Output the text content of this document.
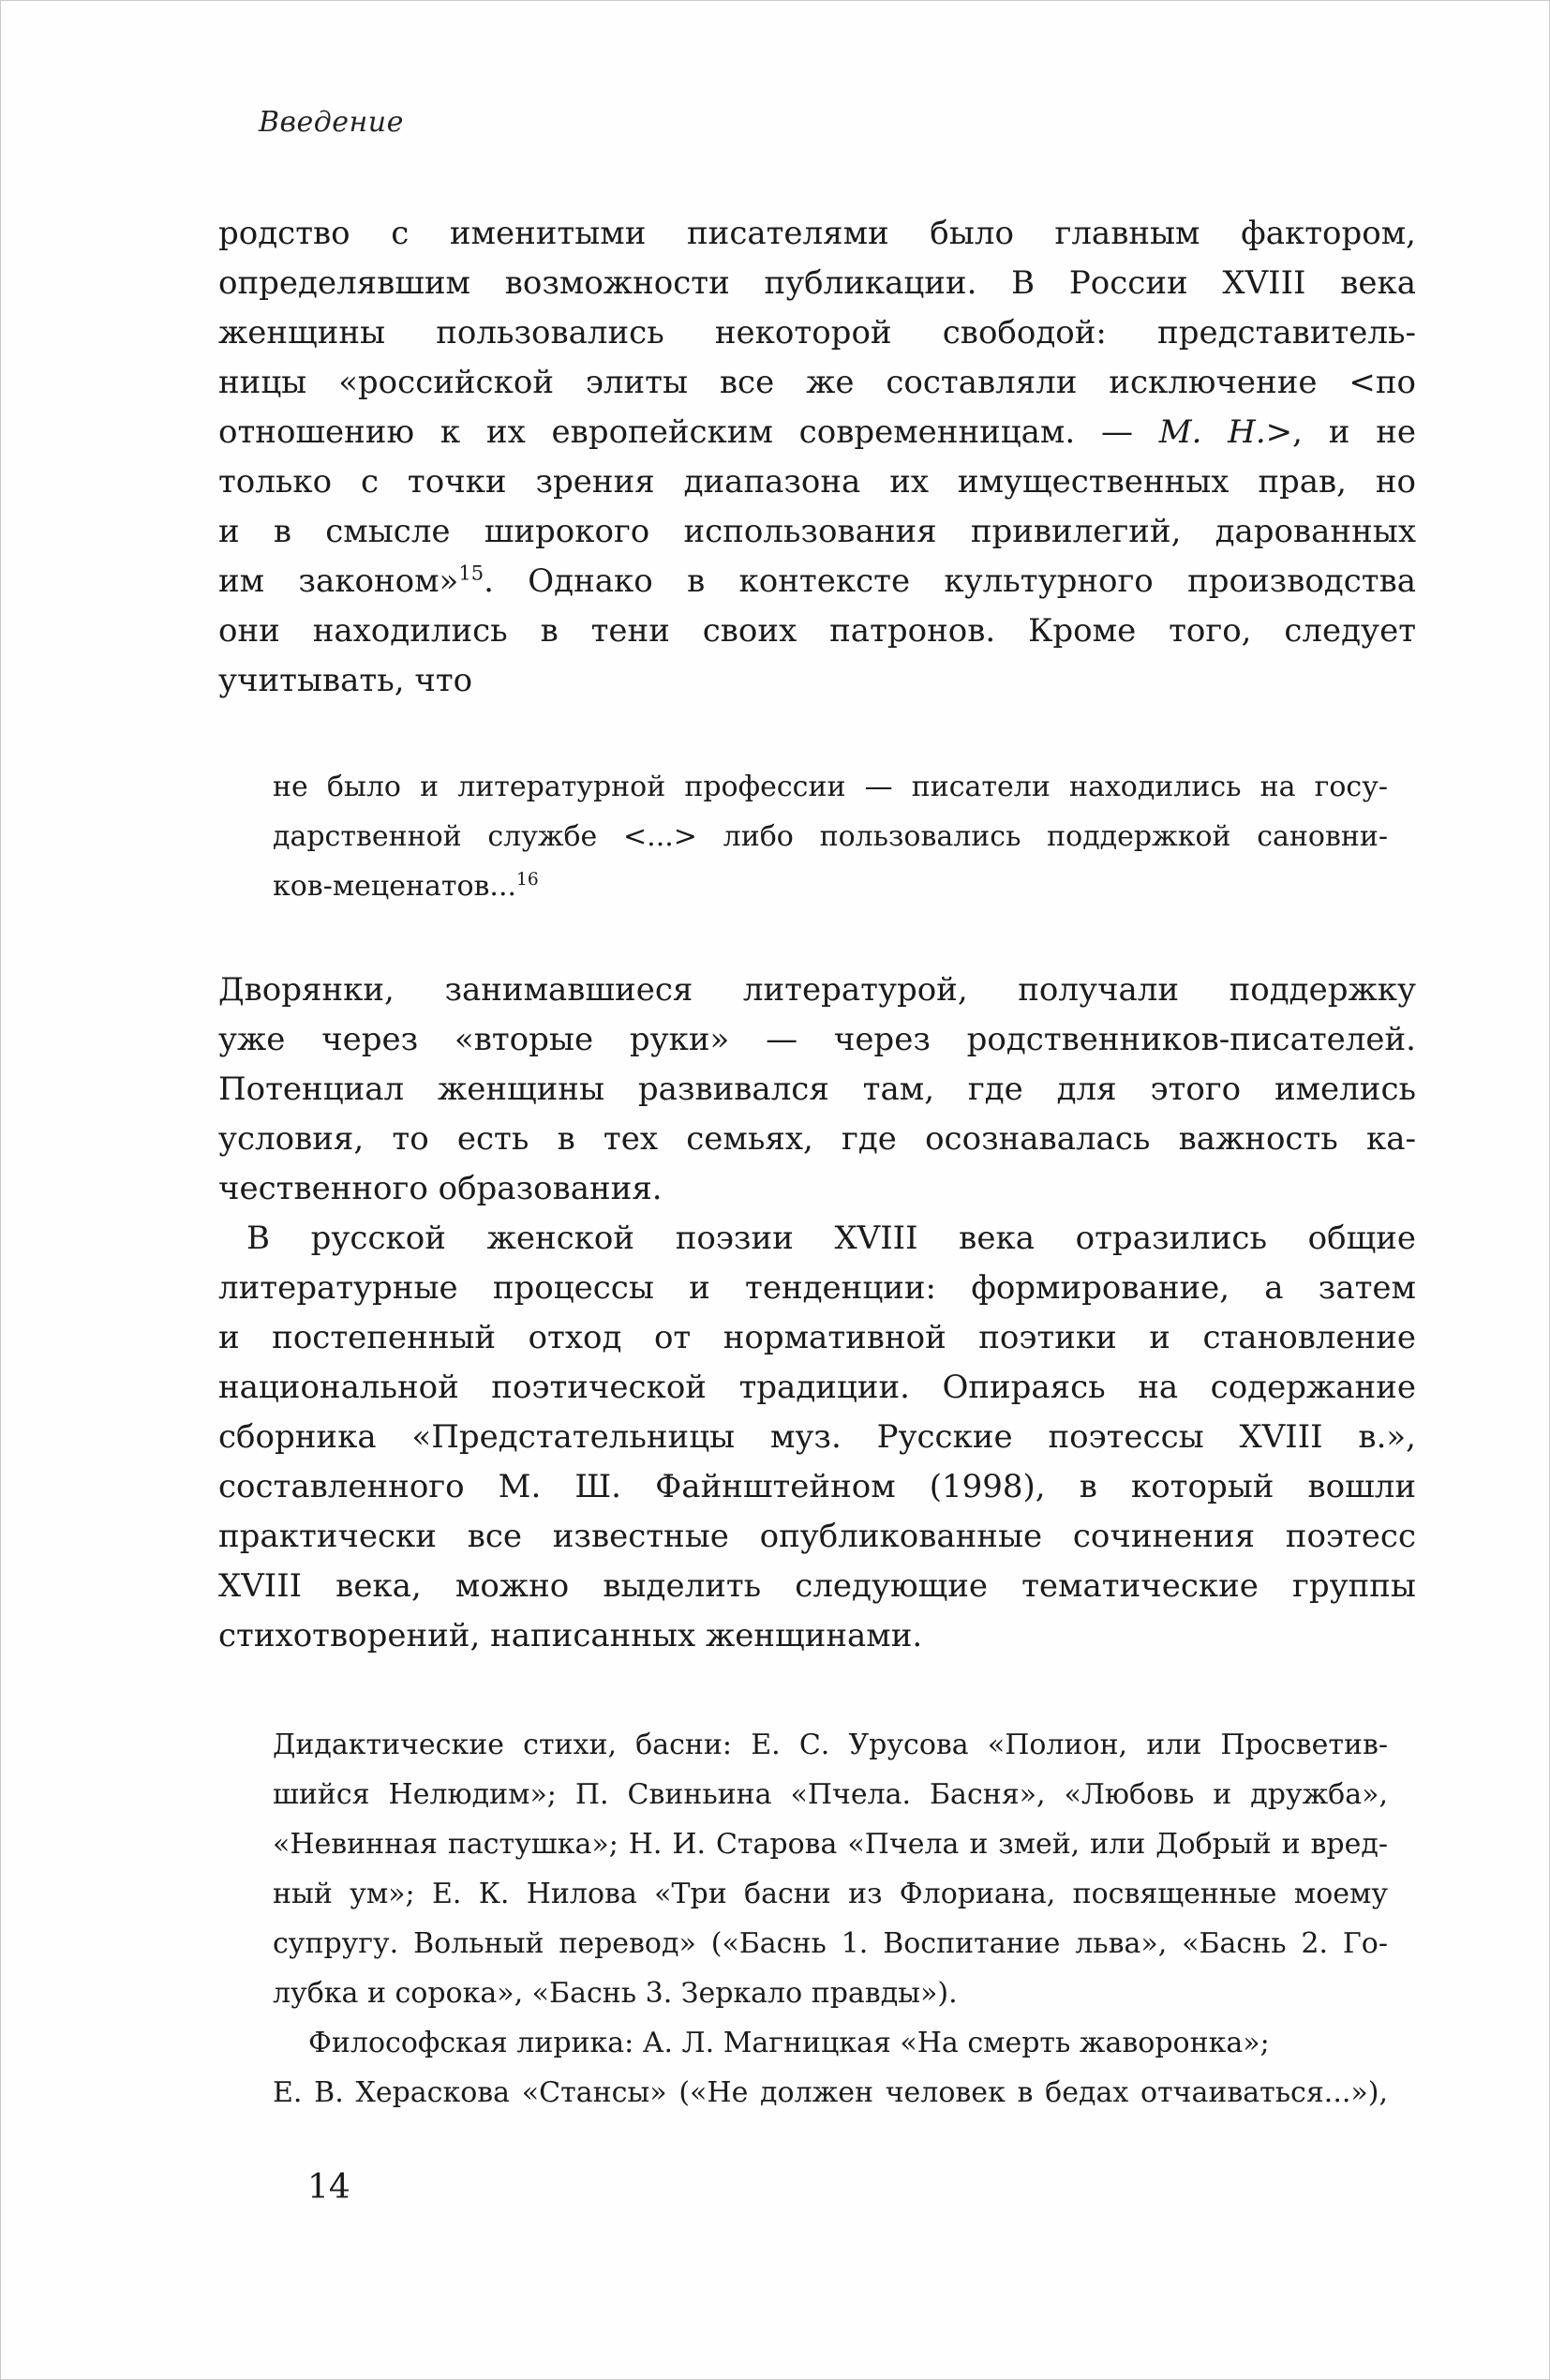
Введение
родство с именитыми писателями было главным фактором,
определявшим возможности публикации. В России XVIII века
женщины пользовались некоторой свободой: представитель-
ницы «российской элиты все же составляли исключение <по
отношению к их европейским современницам. — М. Н.>, и не
только с точки зрения диапазона их имущественных прав, но
и в смысле широкого использования привилегий, дарованных
им законом»$^{15}$. Однако в контексте культурного производства
они находились в тени своих патронов. Кроме того, следует
учитывать, что
не было и литературной профессии — писатели находились на госу-
дарственной службе <...> либо пользовались поддержкой сановни-
ков-меценатов...$^{16}$
Дворянки, занимавшиеся литературой, получали поддержку
уже через «вторые руки» — через родственников-писателей.
Потенциал женщины развивался там, где для этого имелись
условия, то есть в тех семьях, где осознавалась важность ка-
чественного образования.
В русской женской поэзии XVIII века отразились общие
литературные процессы и тенденции: формирование, а затем
и постепенный отход от нормативной поэтики и становление
национальной поэтической традиции. Опираясь на содержание
сборника «Предстательницы муз. Русские поэтессы XVIII в.»,
составленного М. Ш. Файнштейном (1998), в который вошли
практически все известные опубликованные сочинения поэтесс
XVIII века, можно выделить следующие тематические группы
стихотворений, написанных женщинами.
Дидактические стихи, басни: Е. С. Урусова «Полион, или Просветив-
шийся Нелюдим»; П. Свиньина «Пчела. Басня», «Любовь и дружба»,
«Невинная пастушка»; Н. И. Старова «Пчела и змей, или Добрый и вред-
ный ум»; Е. К. Нилова «Три басни из Флориана, посвященные моему
супругу. Вольный перевод» («Баснь 1. Воспитание льва», «Баснь 2. Го-
лубка и сорока», «Баснь 3. Зеркало правды»).
Философская лирика: А. Л. Магницкая «На смерть жаворонка»;
Е. В. Хераскова «Стансы» («Не должен человек в бедах отчаиваться...»),
14
